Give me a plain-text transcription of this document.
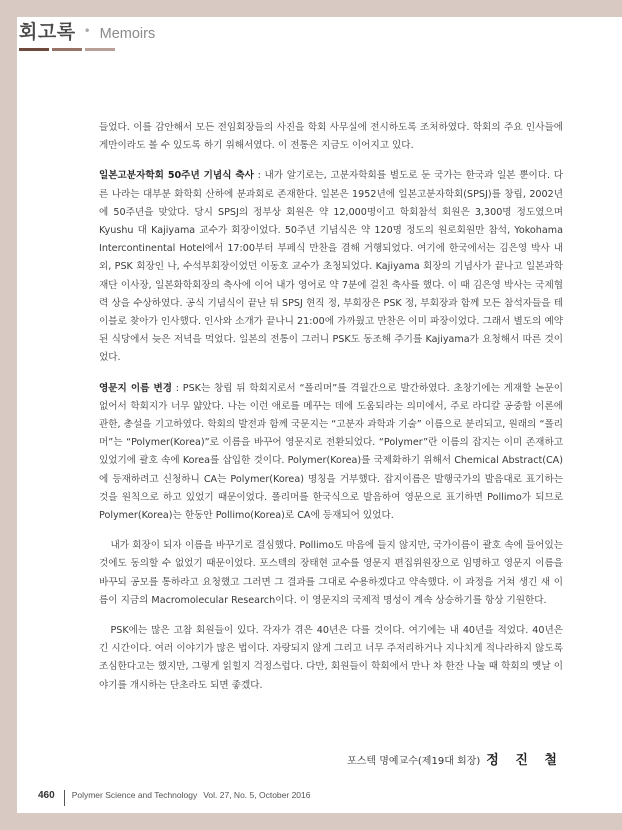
회고록 • Memoirs

들었다. 이를 감안해서 모든 전임회장들의 사진을 학회 사무실에 전시하도록 조처하였다. 학회의 주요 인사들에게만이라도 볼 수 있도록 하기 위해서였다. 이 전통은 지금도 이어지고 있다.

일본고분자학회 50주년 기념식 축사 : 내가 알기로는, 고분자학회를 별도로 둔 국가는 한국과 일본 뿐이다. 다른 나라는 대부분 화학회 산하에 분과회로 존재한다. 일본은 1952년에 일본고분자학회(SPSJ)를 창립, 2002년에 50주년을 맞았다. 당시 SPSJ의 정부상 회원은 약 12,000명이고 학회참석 회원은 3,300명 정도였으며 Kyushu 대 Kajiyama 교수가 회장이었다. 50주년 기념식은 약 120명 정도의 원로회원만 참석, Yokohama Intercontinental Hotel에서 17:00부터 부페식 만찬을 겸해 거행되었다. 여기에 한국에서는 김은영 박사 내외, PSK 회장인 나, 수석부회장이었던 이동호 교수가 초청되었다. Kajiyama 회장의 기념사가 끝나고 일본과학재단 이사장, 일본화학회장의 축사에 이어 내가 영어로 약 7분에 걸친 축사를 했다. 이 때 김은영 박사는 국제협력 상을 수상하였다. 공식 기념식이 끝난 뒤 SPSJ 현직 정, 부회장은 PSK 정, 부회장과 함께 모든 참석자들을 테이블로 찾아가 인사했다. 인사와 소개가 끝나니 21:00에 가까웠고 만찬은 이미 파장이었다. 그래서 별도의 예약된 식당에서 늦은 저녁을 먹었다. 일본의 전통이 그러니 PSK도 동조해 주기를 Kajiyama가 요청해서 따른 것이었다.

영문지 이름 변경 : PSK는 창립 뒤 학회지로서 “폴리머”를 격월간으로 발간하였다. 초창기에는 게재할 논문이 없어서 학회지가 너무 얇았다. 나는 이런 애로를 메꾸는 데에 도움되라는 의미에서, 주로 라디칼 공중합 이론에 관한, 총설을 기고하였다. 학회의 발전과 함께 국문지는 “고분자 과학과 기술” 이름으로 분리되고, 원래의 “폴리머”는 “Polymer(Korea)”로 이름을 바꾸어 영문지로 전환되었다. “Polymer”란 이름의 잡지는 이미 존재하고 있었기에 괄호 속에 Korea를 삽입한 것이다. Polymer(Korea)를 국제화하기 위해서 Chemical Abstract(CA)에 등재하려고 신청하니 CA는 Polymer(Korea) 명칭을 거부했다. 잡지이름은 발행국가의 발음대로 표기하는 것을 원칙으로 하고 있었기 때문이었다. 폴리머를 한국식으로 발음하여 영문으로 표기하면 Pollimo가 되므로 Polymer(Korea)는 한동안 Pollimo(Korea)로 CA에 등재되어 있었다.

내가 회장이 되자 이름을 바꾸기로 결심했다. Pollimo도 마음에 들지 않지만, 국가이름이 괄호 속에 들어있는 것에도 동의할 수 없었기 때문이었다. 포스텍의 장태현 교수를 영문지 편집위원장으로 임명하고 영문지 이름을 바꾸되 공모를 통하라고 요청했고 그러면 그 결과를 그대로 수용하겠다고 약속했다. 이 과정을 거쳐 생긴 새 이름이 지금의 Macromolecular Research이다. 이 영문지의 국제적 명성이 계속 상승하기를 항상 기원한다.

PSK에는 많은 고참 회원들이 있다. 각자가 겪은 40년은 다를 것이다. 여기에는 내 40년을 적었다. 40년은 긴 시간이다. 여러 이야기가 많은 법이다. 자랑되지 않게 그리고 너무 주저리하거나 지나치게 적나라하지 않도록 조심한다고는 했지만, 그렇게 읽힐지 걱정스럽다. 다만, 회원들이 학회에서 만나 차 한잔 나눌 때 학회의 옛날 이야기를 개시하는 단초라도 되면 좋겠다.

포스텍 명예교수(제19대 회장) 정 진 철
460 Polymer Science and Technology Vol. 27, No. 5, October 2016
